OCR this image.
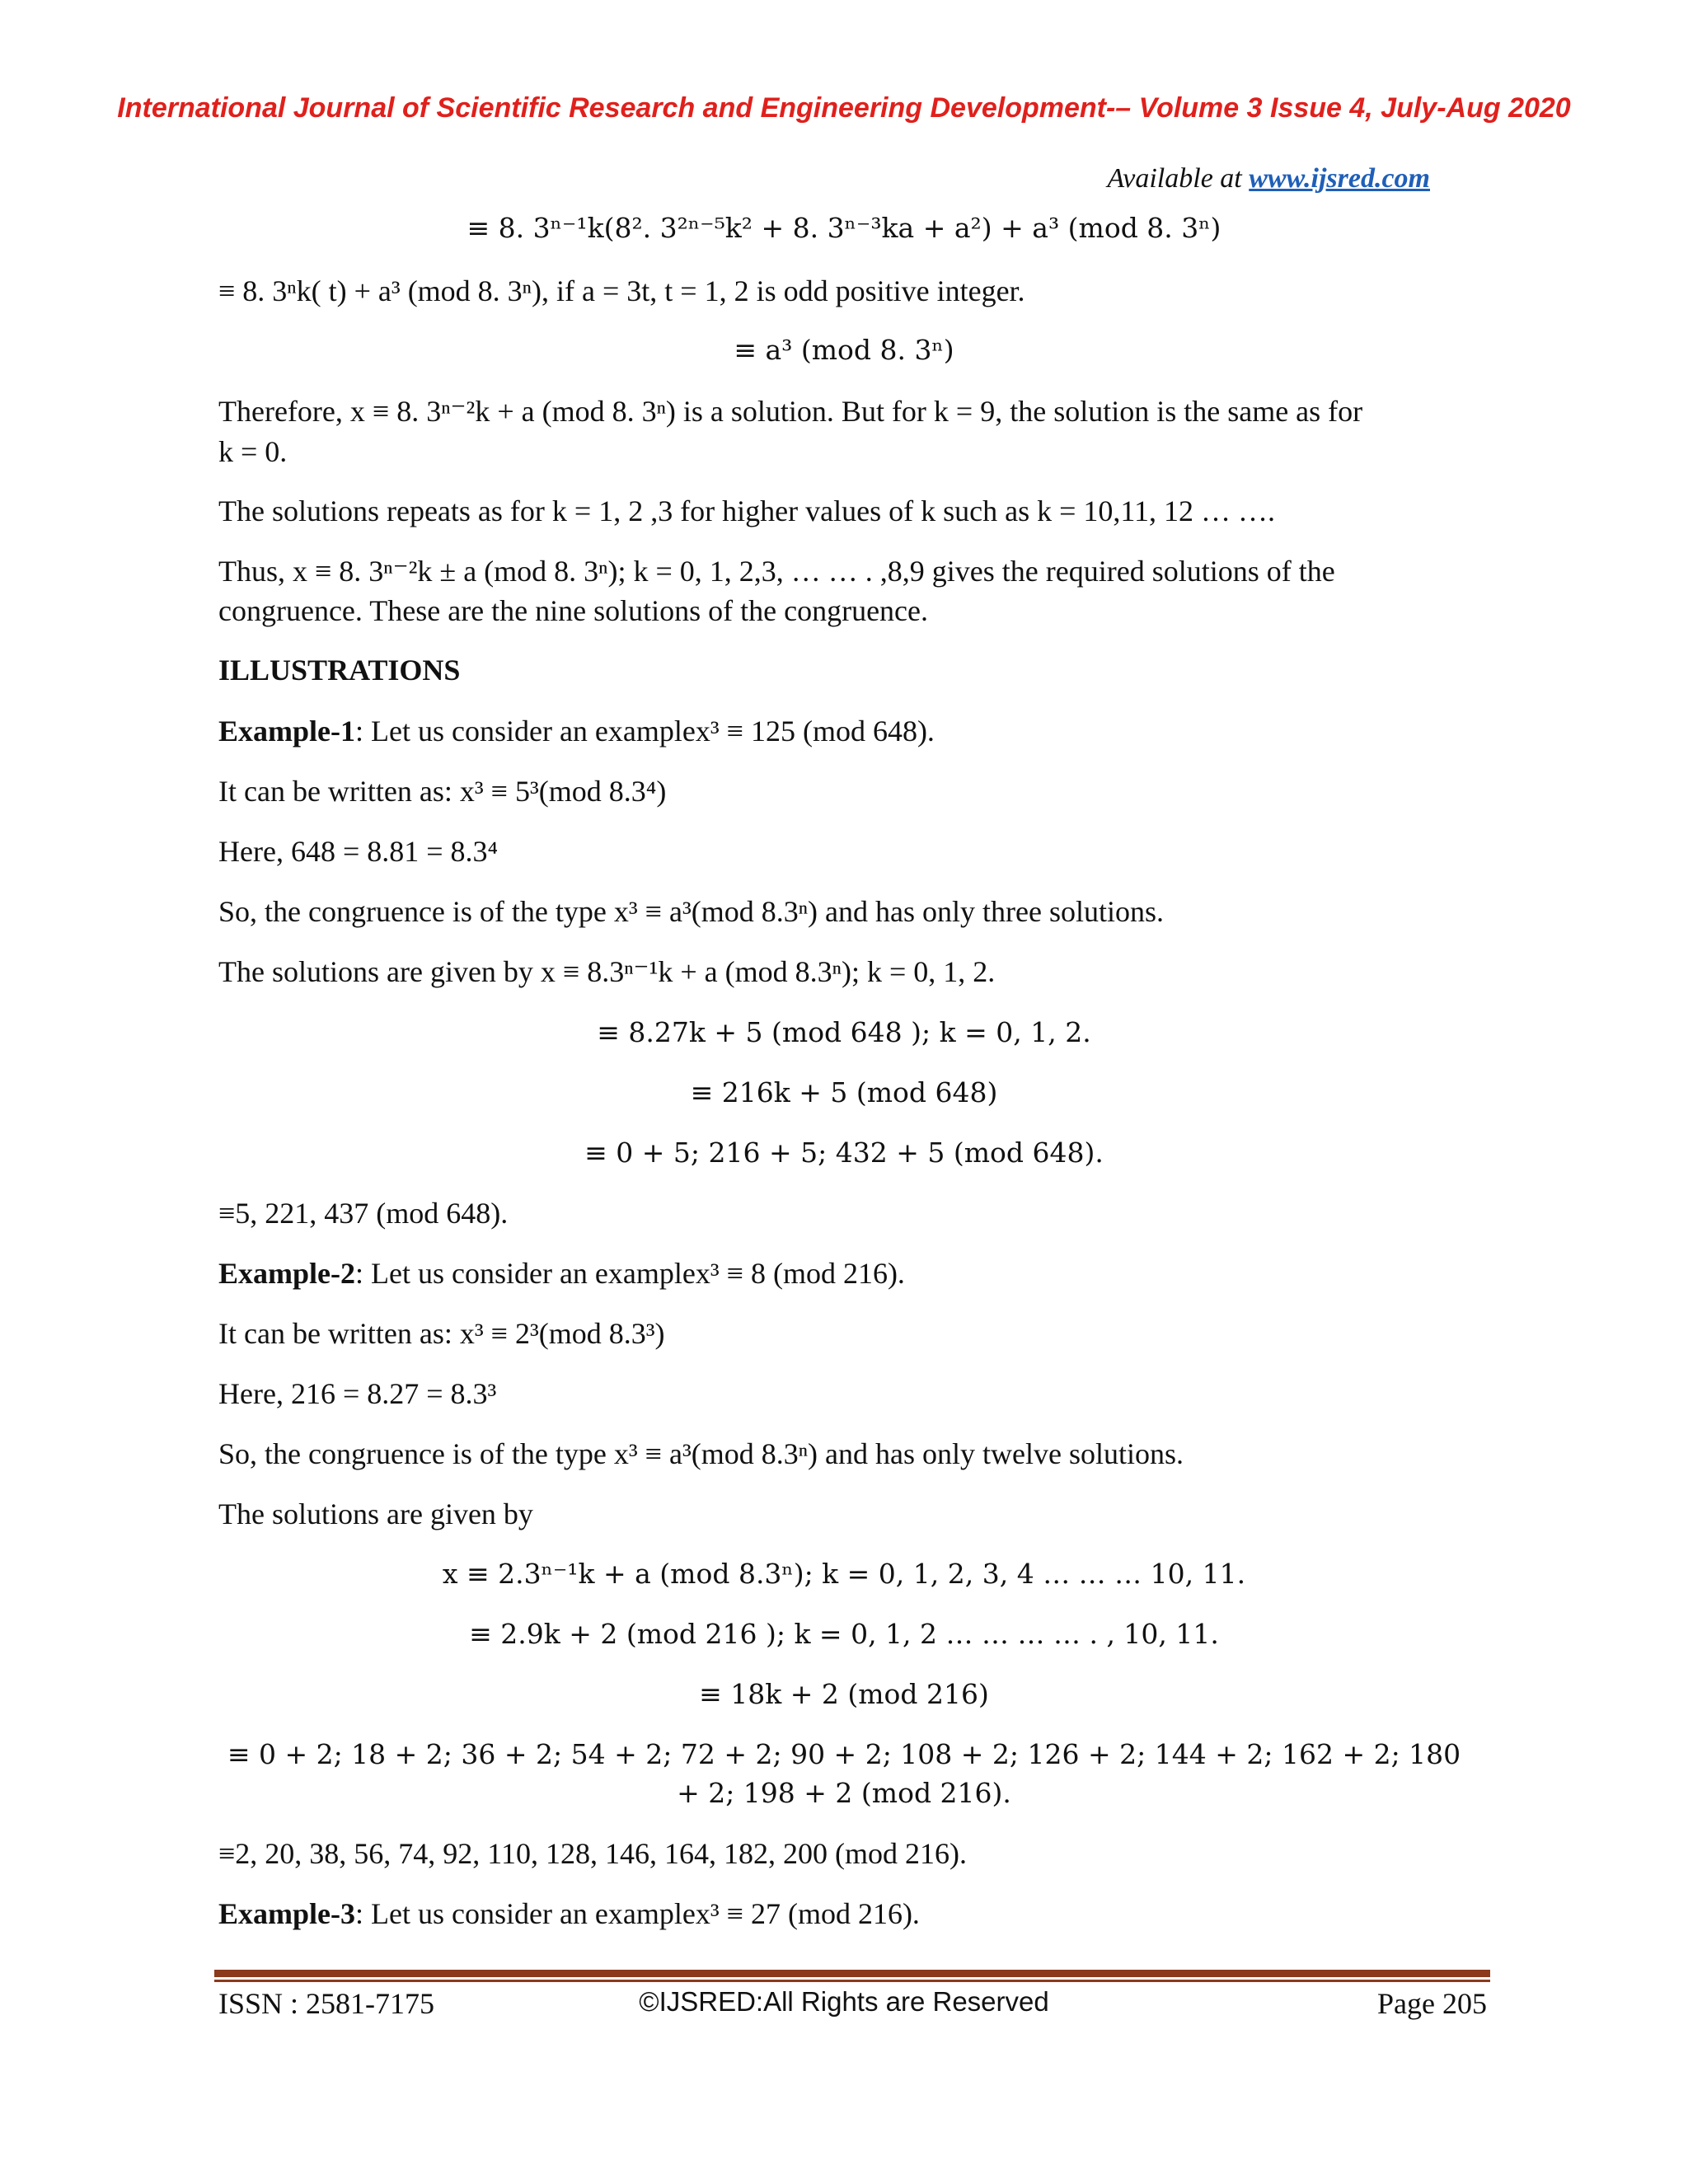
International Journal of Scientific Research and Engineering Development-– Volume 3 Issue 4, July-Aug 2020
Available at www.ijsred.com
≡ 8. 3ⁿ⁻¹k(8². 3²ⁿ⁻⁵k² + 8. 3ⁿ⁻³ka + a²) + a³ (mod 8. 3ⁿ)
≡ 8. 3ⁿk( t) + a³ (mod 8. 3ⁿ), if a = 3t, t = 1, 2 is odd positive integer.
≡ a³ (mod 8. 3ⁿ)
Therefore, x ≡ 8. 3ⁿ⁻²k + a (mod 8. 3ⁿ) is a solution. But for k = 9, the solution is the same as for
k = 0.
The solutions repeats as for k = 1, 2 ,3 for higher values of k such as k = 10,11, 12 … ….
Thus, x ≡ 8. 3ⁿ⁻²k ± a (mod 8. 3ⁿ); k = 0, 1, 2,3, … … . ,8,9 gives the required solutions of the
congruence. These are the nine solutions of the congruence.
ILLUSTRATIONS
Example-1: Let us consider an examplex³ ≡ 125 (mod 648).
It can be written as: x³ ≡ 5³(mod 8.3⁴)
Here, 648 = 8.81 = 8.3⁴
So, the congruence is of the type x³ ≡ a³(mod 8.3ⁿ) and has only three solutions.
The solutions are given by x ≡ 8.3ⁿ⁻¹k + a (mod 8.3ⁿ); k = 0, 1, 2.
≡ 8.27k + 5 (mod 648 ); k = 0, 1, 2.
≡ 216k + 5 (mod 648)
≡ 0 + 5; 216 + 5; 432 + 5 (mod 648).
≡5, 221, 437 (mod 648).
Example-2: Let us consider an examplex³ ≡ 8 (mod 216).
It can be written as: x³ ≡ 2³(mod 8.3³)
Here, 216 = 8.27 = 8.3³
So, the congruence is of the type x³ ≡ a³(mod 8.3ⁿ) and has only twelve solutions.
The solutions are given by
x ≡ 2.3ⁿ⁻¹k + a (mod 8.3ⁿ); k = 0, 1, 2, 3, 4 … … … 10, 11.
≡ 2.9k + 2 (mod 216 ); k = 0, 1, 2 … … … … . , 10, 11.
≡ 18k + 2 (mod 216)
≡ 0 + 2; 18 + 2; 36 + 2; 54 + 2; 72 + 2; 90 + 2; 108 + 2; 126 + 2; 144 + 2; 162 + 2; 180
+ 2; 198 + 2 (mod 216).
≡2, 20, 38, 56, 74, 92, 110, 128, 146, 164, 182, 200 (mod 216).
Example-3: Let us consider an examplex³ ≡ 27 (mod 216).
ISSN : 2581-7175	©IJSRED:All Rights are Reserved	Page 205
